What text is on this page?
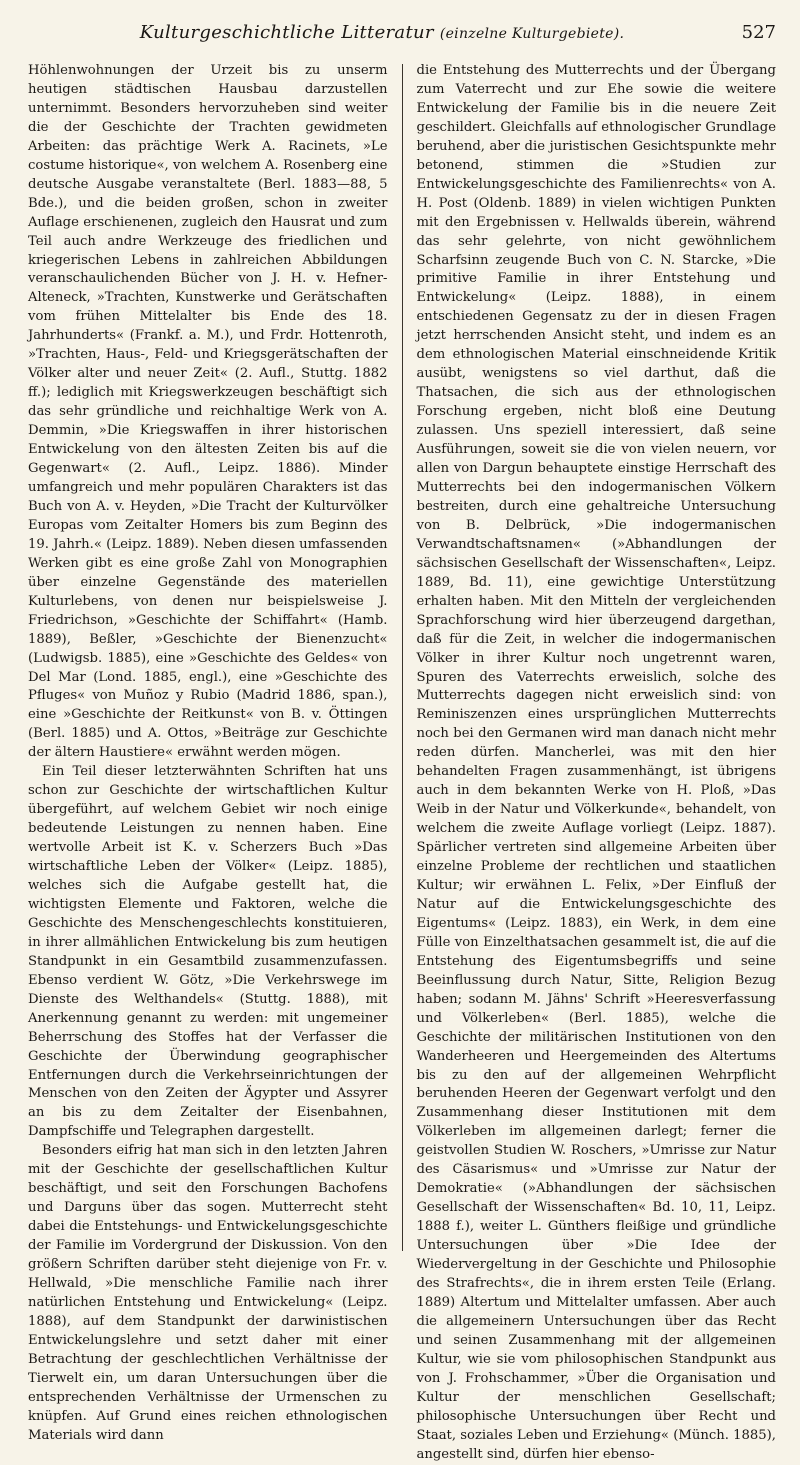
Kulturgeschichtliche Litteratur (einzelne Kulturgebiete).	527

Höhlenwohnungen der Urzeit bis zu unserm heutigen städtischen Hausbau darzustellen unternimmt. Besonders hervorzuheben sind weiter die der Geschichte der Trachten gewidmeten Arbeiten: das prächtige Werk A. Racinets, »Le costume historique«, von welchem A. Rosenberg eine deutsche Ausgabe veranstaltete (Berl. 1883—88, 5 Bde.), und die beiden großen, schon in zweiter Auflage erschienenen, zugleich den Hausrat und zum Teil auch andre Werkzeuge des friedlichen und kriegerischen Lebens in zahlreichen Abbildungen veranschaulichenden Bücher von J. H. v. Hefner-Alteneck, »Trachten, Kunstwerke und Gerätschaften vom frühen Mittelalter bis Ende des 18. Jahrhunderts« (Frankf. a. M.), und Frdr. Hottenroth, »Trachten, Haus-, Feld- und Kriegsgerätschaften der Völker alter und neuer Zeit« (2. Aufl., Stuttg. 1882 ff.); lediglich mit Kriegswerkzeugen beschäftigt sich das sehr gründliche und reichhaltige Werk von A. Demmin, »Die Kriegswaffen in ihrer historischen Entwickelung von den ältesten Zeiten bis auf die Gegenwart« (2. Aufl., Leipz. 1886). Minder umfangreich und mehr populären Charakters ist das Buch von A. v. Heyden, »Die Tracht der Kulturvölker Europas vom Zeitalter Homers bis zum Beginn des 19. Jahrh.« (Leipz. 1889). Neben diesen umfassenden Werken gibt es eine große Zahl von Monographien über einzelne Gegenstände des materiellen Kulturlebens, von denen nur beispielsweise J. Friedrichson, »Geschichte der Schiffahrt« (Hamb. 1889), Beßler, »Geschichte der Bienenzucht« (Ludwigsb. 1885), eine »Geschichte des Geldes« von Del Mar (Lond. 1885, engl.), eine »Geschichte des Pfluges« von Muñoz y Rubio (Madrid 1886, span.), eine »Geschichte der Reitkunst« von B. v. Öttingen (Berl. 1885) und A. Ottos, »Beiträge zur Geschichte der ältern Haustiere« erwähnt werden mögen.

Ein Teil dieser letzterwähnten Schriften hat uns schon zur Geschichte der wirtschaftlichen Kultur übergeführt, auf welchem Gebiet wir noch einige bedeutende Leistungen zu nennen haben. Eine wertvolle Arbeit ist K. v. Scherzers Buch »Das wirtschaftliche Leben der Völker« (Leipz. 1885), welches sich die Aufgabe gestellt hat, die wichtigsten Elemente und Faktoren, welche die Geschichte des Menschengeschlechts konstituieren, in ihrer allmählichen Entwickelung bis zum heutigen Standpunkt in ein Gesamtbild zusammenzufassen. Ebenso verdient W. Götz, »Die Verkehrswege im Dienste des Welthandels« (Stuttg. 1888), mit Anerkennung genannt zu werden: mit ungemeiner Beherrschung des Stoffes hat der Verfasser die Geschichte der Überwindung geographischer Entfernungen durch die Verkehrseinrichtungen der Menschen von den Zeiten der Ägypter und Assyrer an bis zu dem Zeitalter der Eisenbahnen, Dampfschiffe und Telegraphen dargestellt.

Besonders eifrig hat man sich in den letzten Jahren mit der Geschichte der gesellschaftlichen Kultur beschäftigt, und seit den Forschungen Bachofens und Darguns über das sogen. Mutterrecht steht dabei die Entstehungs- und Entwickelungsgeschichte der Familie im Vordergrund der Diskussion. Von den größern Schriften darüber steht diejenige von Fr. v. Hellwald, »Die menschliche Familie nach ihrer natürlichen Entstehung und Entwickelung« (Leipz. 1888), auf dem Standpunkt der darwinistischen Entwickelungslehre und setzt daher mit einer Betrachtung der geschlechtlichen Verhältnisse der Tierwelt ein, um daran Untersuchungen über die entsprechenden Verhältnisse der Urmenschen zu knüpfen. Auf Grund eines reichen ethnologischen Materials wird dann

die Entstehung des Mutterrechts und der Übergang zum Vaterrecht und zur Ehe sowie die weitere Entwickelung der Familie bis in die neuere Zeit geschildert. Gleichfalls auf ethnologischer Grundlage beruhend, aber die juristischen Gesichtspunkte mehr betonend, stimmen die »Studien zur Entwickelungsgeschichte des Familienrechts« von A. H. Post (Oldenb. 1889) in vielen wichtigen Punkten mit den Ergebnissen v. Hellwalds überein, während das sehr gelehrte, von nicht gewöhnlichem Scharfsinn zeugende Buch von C. N. Starcke, »Die primitive Familie in ihrer Entstehung und Entwickelung« (Leipz. 1888), in einem entschiedenen Gegensatz zu der in diesen Fragen jetzt herrschenden Ansicht steht, und indem es an dem ethnologischen Material einschneidende Kritik ausübt, wenigstens so viel darthut, daß die Thatsachen, die sich aus der ethnologischen Forschung ergeben, nicht bloß eine Deutung zulassen. Uns speziell interessiert, daß seine Ausführungen, soweit sie die von vielen neuern, vor allen von Dargun behauptete einstige Herrschaft des Mutterrechts bei den indogermanischen Völkern bestreiten, durch eine gehaltreiche Untersuchung von B. Delbrück, »Die indogermanischen Verwandtschaftsnamen« (»Abhandlungen der sächsischen Gesellschaft der Wissenschaften«, Leipz. 1889, Bd. 11), eine gewichtige Unterstützung erhalten haben. Mit den Mitteln der vergleichenden Sprachforschung wird hier überzeugend dargethan, daß für die Zeit, in welcher die indogermanischen Völker in ihrer Kultur noch ungetrennt waren, Spuren des Vaterrechts erweislich, solche des Mutterrechts dagegen nicht erweislich sind: von Reminiszenzen eines ursprünglichen Mutterrechts noch bei den Germanen wird man danach nicht mehr reden dürfen. Mancherlei, was mit den hier behandelten Fragen zusammenhängt, ist übrigens auch in dem bekannten Werke von H. Ploß, »Das Weib in der Natur und Völkerkunde«, behandelt, von welchem die zweite Auflage vorliegt (Leipz. 1887). Spärlicher vertreten sind allgemeine Arbeiten über einzelne Probleme der rechtlichen und staatlichen Kultur; wir erwähnen L. Felix, »Der Einfluß der Natur auf die Entwickelungsgeschichte des Eigentums« (Leipz. 1883), ein Werk, in dem eine Fülle von Einzelthatsachen gesammelt ist, die auf die Entstehung des Eigentumsbegriffs und seine Beeinflussung durch Natur, Sitte, Religion Bezug haben; sodann M. Jähns' Schrift »Heeresverfassung und Völkerleben« (Berl. 1885), welche die Geschichte der militärischen Institutionen von den Wanderheeren und Heergemeinden des Altertums bis zu den auf der allgemeinen Wehrpflicht beruhenden Heeren der Gegenwart verfolgt und den Zusammenhang dieser Institutionen mit dem Völkerleben im allgemeinen darlegt; ferner die geistvollen Studien W. Roschers, »Umrisse zur Natur des Cäsarismus« und »Umrisse zur Natur der Demokratie« (»Abhandlungen der sächsischen Gesellschaft der Wissenschaften« Bd. 10, 11, Leipz. 1888 f.), weiter L. Günthers fleißige und gründliche Untersuchungen über »Die Idee der Wiedervergeltung in der Geschichte und Philosophie des Strafrechts«, die in ihrem ersten Teile (Erlang. 1889) Altertum und Mittelalter umfassen. Aber auch die allgemeinern Untersuchungen über das Recht und seinen Zusammenhang mit der allgemeinen Kultur, wie sie vom philosophischen Standpunkt aus von J. Frohschammer, »Über die Organisation und Kultur der menschlichen Gesellschaft; philosophische Untersuchungen über Recht und Staat, soziales Leben und Erziehung« (Münch. 1885), angestellt sind, dürfen hier ebenso-
